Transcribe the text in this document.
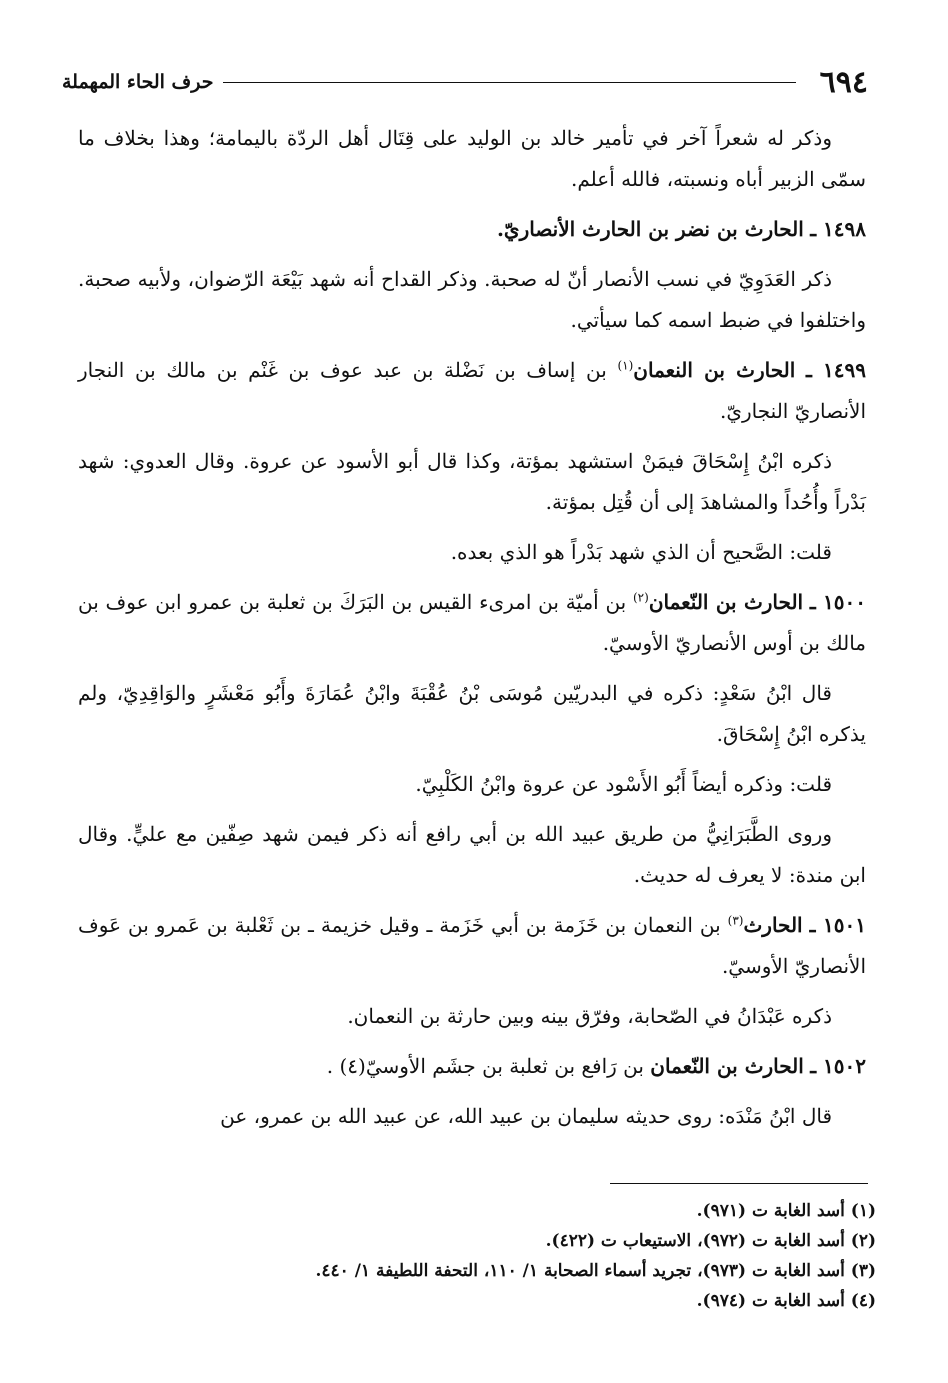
٦٩٤
حرف الحاء المهملة

وذكر له شعراً آخر في تأمير خالد بن الوليد على قِتَال أهل الردّة باليمامة؛ وهذا بخلاف ما سمّى الزبير أباه ونسبته، فالله أعلم.

١٤٩٨ ـ الحارث بن نضر بن الحارث الأنصاريّ.

ذكر العَدَوِيّ في نسب الأنصار أنّ له صحبة. وذكر القداح أنه شهد بَيْعَة الرّضوان، ولأبيه صحبة. واختلفوا في ضبط اسمه كما سيأتي.

١٤٩٩ ـ الحارث بن النعمان$^{(١)}$ بن إساف بن نَضْلة بن عبد عوف بن غَنْم بن مالك بن النجار الأنصاريّ النجاريّ.

ذكره ابْنُ إِسْحَاقَ فيمَنْ استشهد بمؤتة، وكذا قال أبو الأسود عن عروة. وقال العدوي: شهد بَدْراً وأُحُداً والمشاهدَ إلى أن قُتِل بمؤتة.

قلت: الصَّحيح أن الذي شهد بَدْراً هو الذي بعده.

١٥٠٠ ـ الحارث بن النّعمان$^{(٢)}$ بن أميّة بن امرىء القيس بن البَرَكَ بن ثعلبة بن عمرو ابن عوف بن مالك بن أوس الأنصاريّ الأوسيّ.

قال ابْنُ سَعْدٍ: ذكره في البدريّين مُوسَى بْنُ عُقْبَةَ وابْنُ عُمَارَةَ وأَبُو مَعْشَرٍ والوَاقِدِيّ، ولم يذكره ابْنُ إِسْحَاقَ.

قلت: وذكره أيضاً أَبُو الأَسْود عن عروة وابْنُ الكَلْبِيّ.

وروى الطَّبَرَانِيُّ من طريق عبيد الله بن أبي رافع أنه ذكر فيمن شهد صِفّين مع عليٍّ. وقال ابن مندة: لا يعرف له حديث.

١٥٠١ ـ الحارث$^{(٣)}$ بن النعمان بن خَزَمة بن أبي خَزَمة ـ وقيل خزيمة ـ بن ثَعْلبة بن عَمرو بن عَوف الأنصاريّ الأوسيّ.

ذكره عَبْدَانُ في الصّحابة، وفرّق بينه وبين حارثة بن النعمان.

١٥٠٢ ـ الحارث بن النّعمان بن رَافع بن ثعلبة بن جشَم الأوسيّ(٤) .

قال ابْنُ مَنْدَه: روى حديثه سليمان بن عبيد الله، عن عبيد الله بن عمرو، عن

(١) أسد الغابة ت (٩٧١).

(٢) أسد الغابة ت (٩٧٢)، الاستيعاب ت (٤٢٢).

(٣) أسد الغابة ت (٩٧٣)، تجريد أسماء الصحابة ١/ ١١٠، التحفة اللطيفة ١/ ٤٤٠.

(٤) أسد الغابة ت (٩٧٤).
